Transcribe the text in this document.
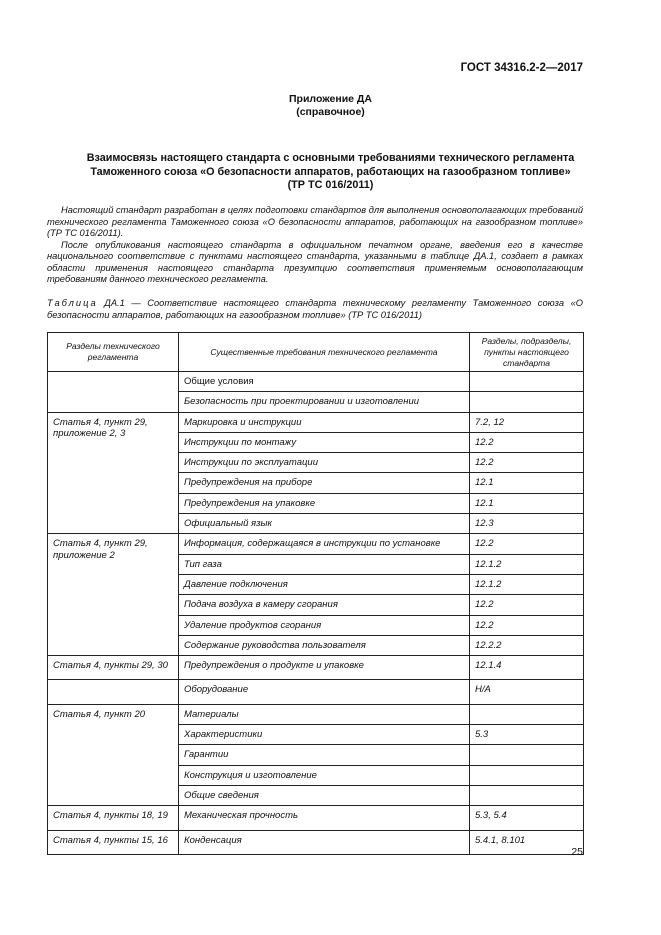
ГОСТ 34316.2-2—2017
Приложение ДА
(справочное)
Взаимосвязь настоящего стандарта с основными требованиями технического регламента
Таможенного союза «О безопасности аппаратов, работающих на газообразном топливе»
(ТР ТС 016/2011)

Настоящий стандарт разработан в целях подготовки стандартов для выполнения основополагающих требований технического регламента Таможенного союза «О безопасности аппаратов, работающих на газообразном топливе» (ТР ТС 016/2011).

После опубликования настоящего стандарта в официальном печатном органе, введения его в качестве национального соответствие с пунктами настоящего стандарта, указанными в таблице ДА.1, создает в рамках области применения настоящего стандарта презумпцию соответствия применяемым основополагающим требованиям данного технического регламента.

Таблица ДА.1 — Соответствие настоящего стандарта техническому регламенту Таможенного союза «О безопасности аппаратов, работающих на газообразном топливе» (ТР ТС 016/2011)
Разделы технического регламента	Существенные требования технического регламента	Разделы, подразделы, пункты настоящего стандарта
	Общие условия	
	Безопасность при проектировании и изготовлении	
Статья 4, пункт 29, приложение 2, 3	Маркировка и инструкции	7.2, 12
	Инструкции по монтажу	12.2
	Инструкции по эксплуатации	12.2
	Предупреждения на приборе	12.1
	Предупреждения на упаковке	12.1
	Официальный язык	12.3
Статья 4, пункт 29, приложение 2	Информация, содержащаяся в инструкции по установке	12.2
	Тип газа	12.1.2
	Давление подключения	12.1.2
	Подача воздуха в камеру сгорания	12.2
	Удаление продуктов сгорания	12.2
	Содержание руководства пользователя	12.2.2
Статья 4, пункты 29, 30	Предупреждения о продукте и упаковке	12.1.4
	Оборудование	Н/А
Статья 4, пункт 20	Материалы	
	Характеристики	5.3
	Гарантии	
	Конструкция и изготовление	
	Общие сведения	
Статья 4, пункты 18, 19	Механическая прочность	5.3, 5.4
Статья 4, пункты 15, 16	Конденсация	5.4.1, 8.101
25
